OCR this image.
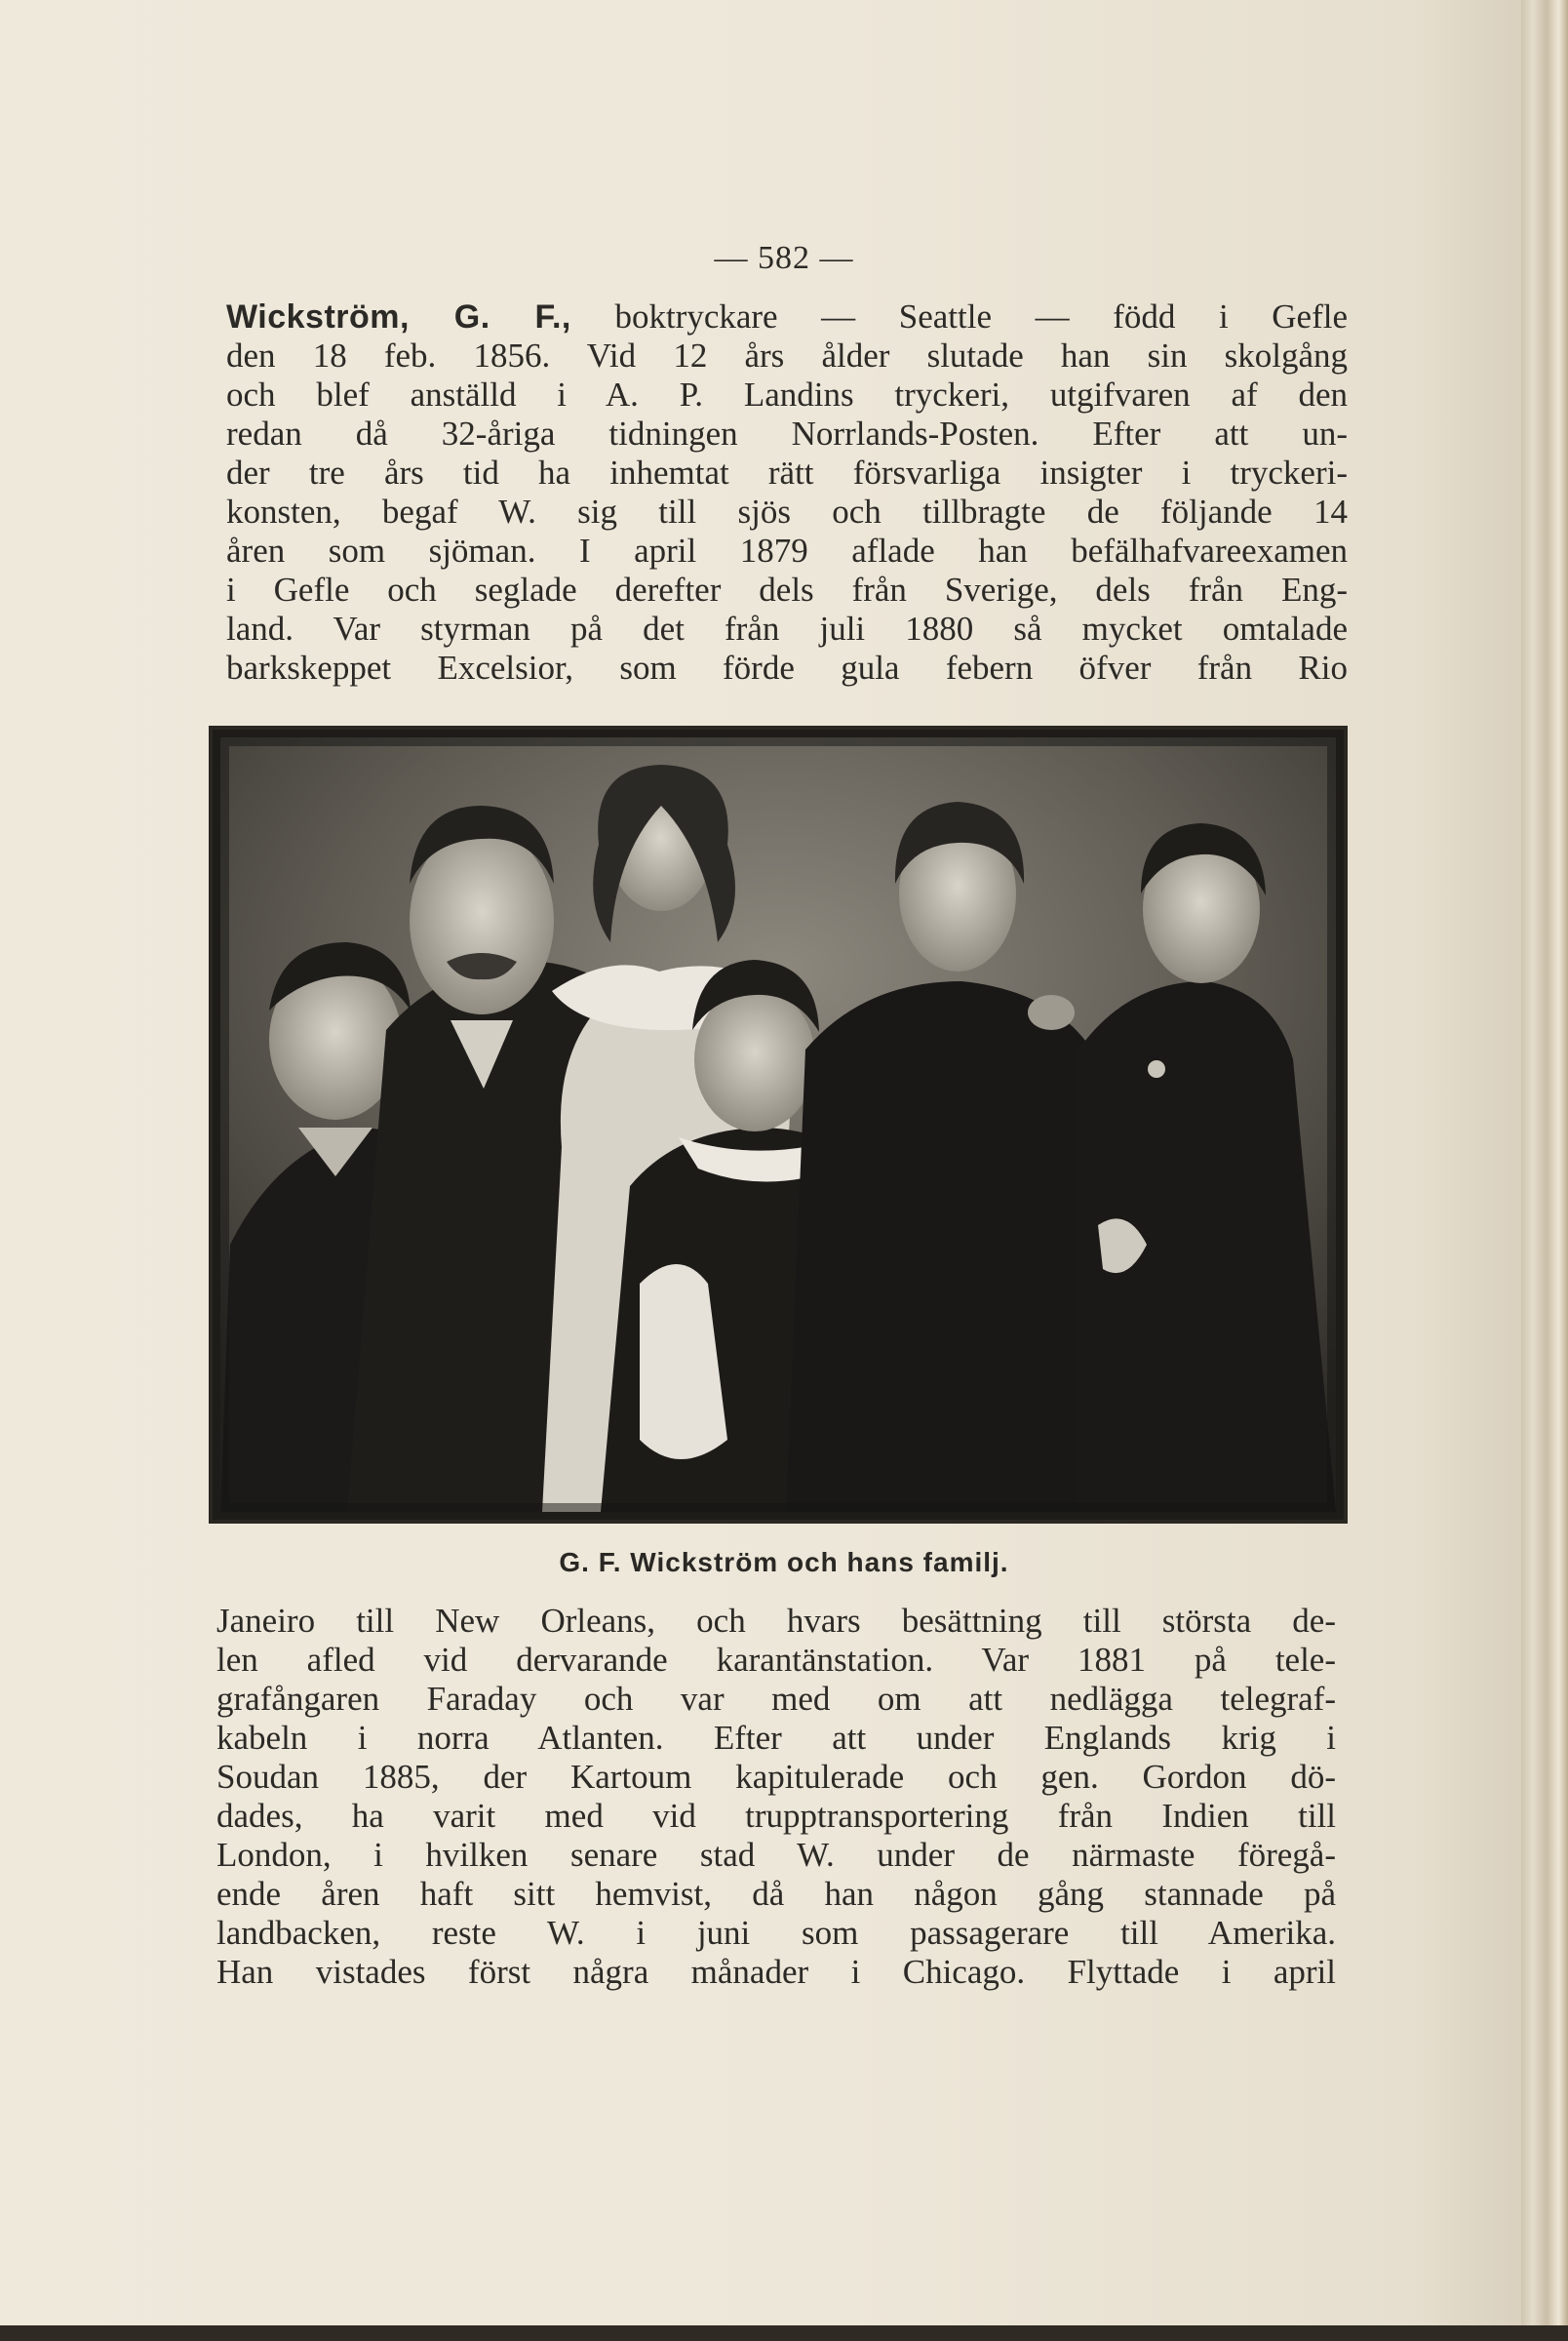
— 582 —
Wickström, G. F., boktryckare — Seattle — född i Gefle
den 18 feb. 1856. Vid 12 års ålder slutade han sin skolgång
och blef anställd i A. P. Landins tryckeri, utgifvaren af den
redan då 32-åriga tidningen Norrlands-Posten. Efter att un-
der tre års tid ha inhemtat rätt försvarliga insigter i tryckeri-
konsten, begaf W. sig till sjös och tillbragte de följande 14
åren som sjöman. I april 1879 aflade han befälhafvareexamen
i Gefle och seglade derefter dels från Sverige, dels från Eng-
land. Var styrman på det från juli 1880 så mycket omtalade
barkskeppet Excelsior, som förde gula febern öfver från Rio
G. F. Wickström och hans familj.
Janeiro till New Orleans, och hvars besättning till största de-
len afled vid dervarande karantänstation. Var 1881 på tele-
grafångaren Faraday och var med om att nedlägga telegraf-
kabeln i norra Atlanten. Efter att under Englands krig i
Soudan 1885, der Kartoum kapitulerade och gen. Gordon dö-
dades, ha varit med vid trupptransportering från Indien till
London, i hvilken senare stad W. under de närmaste föregå-
ende åren haft sitt hemvist, då han någon gång stannade på
landbacken, reste W. i juni som passagerare till Amerika.
Han vistades först några månader i Chicago. Flyttade i april
